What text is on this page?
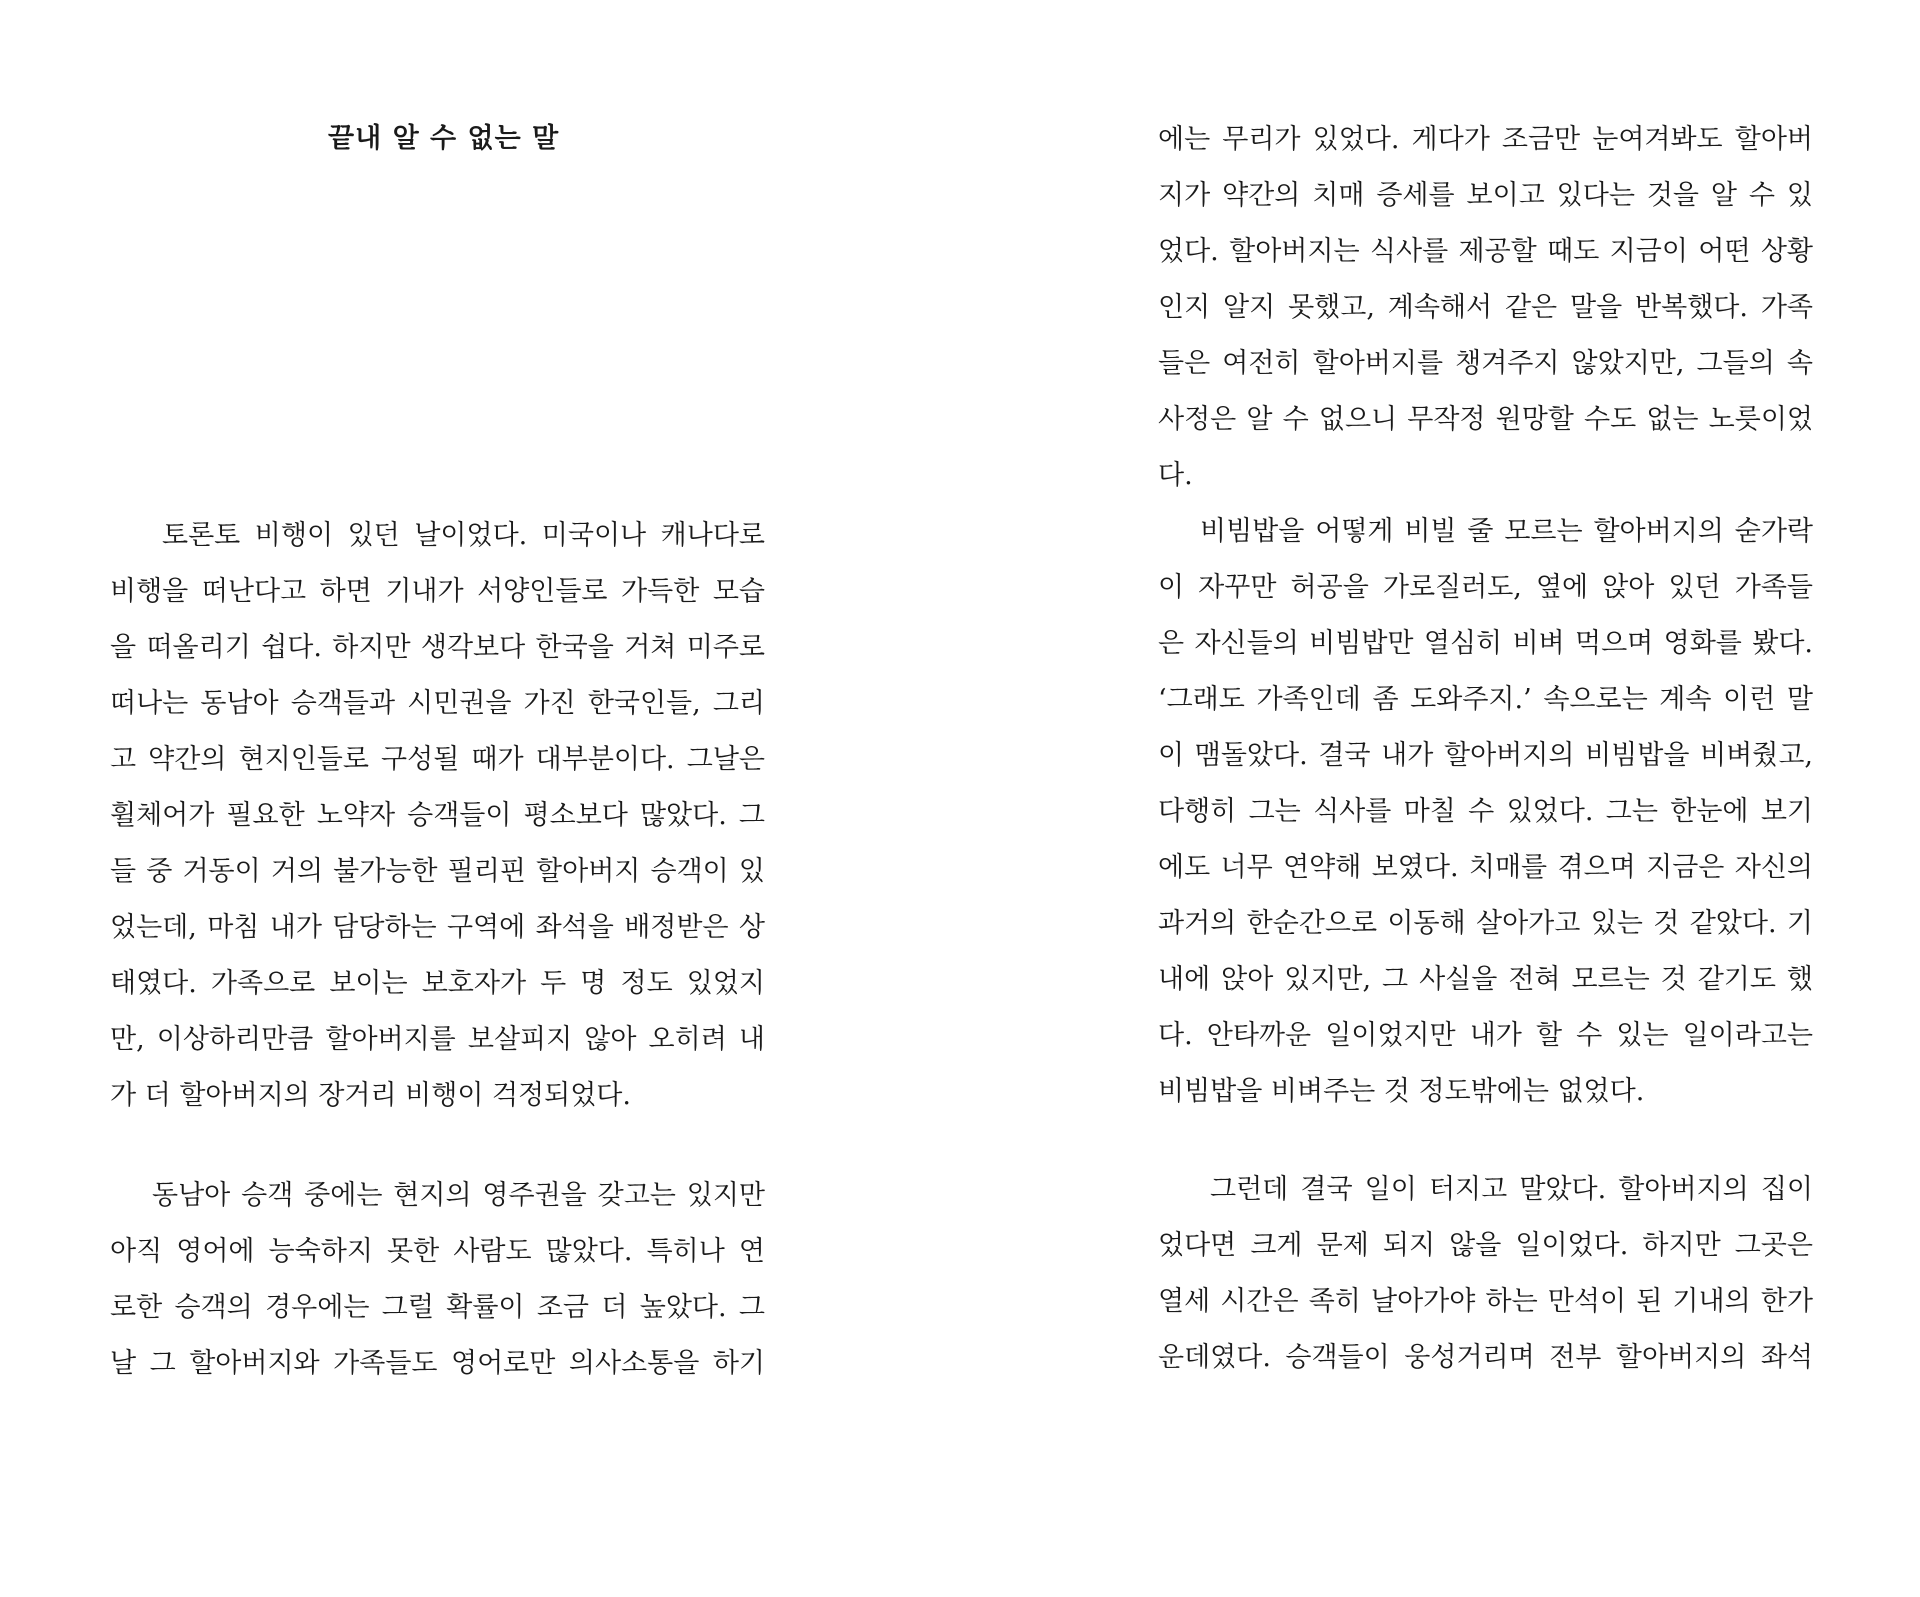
끝내 알 수 없는 말

토론토 비행이 있던 날이었다. 미국이나 캐나다로

비행을 떠난다고 하면 기내가 서양인들로 가득한 모습

을 떠올리기 쉽다. 하지만 생각보다 한국을 거쳐 미주로

떠나는 동남아 승객들과 시민권을 가진 한국인들, 그리

고 약간의 현지인들로 구성될 때가 대부분이다. 그날은

휠체어가 필요한 노약자 승객들이 평소보다 많았다. 그

들 중 거동이 거의 불가능한 필리핀 할아버지 승객이 있

었는데, 마침 내가 담당하는 구역에 좌석을 배정받은 상

태였다. 가족으로 보이는 보호자가 두 명 정도 있었지

만, 이상하리만큼 할아버지를 보살피지 않아 오히려 내

가 더 할아버지의 장거리 비행이 걱정되었다.

동남아 승객 중에는 현지의 영주권을 갖고는 있지만

아직 영어에 능숙하지 못한 사람도 많았다. 특히나 연

로한 승객의 경우에는 그럴 확률이 조금 더 높았다. 그

날 그 할아버지와 가족들도 영어로만 의사소통을 하기

에는 무리가 있었다. 게다가 조금만 눈여겨봐도 할아버

지가 약간의 치매 증세를 보이고 있다는 것을 알 수 있

었다. 할아버지는 식사를 제공할 때도 지금이 어떤 상황

인지 알지 못했고, 계속해서 같은 말을 반복했다. 가족

들은 여전히 할아버지를 챙겨주지 않았지만, 그들의 속

사정은 알 수 없으니 무작정 원망할 수도 없는 노릇이었

다.

비빔밥을 어떻게 비빌 줄 모르는 할아버지의 숟가락

이 자꾸만 허공을 가로질러도, 옆에 앉아 있던 가족들

은 자신들의 비빔밥만 열심히 비벼 먹으며 영화를 봤다.

‘그래도 가족인데 좀 도와주지.’ 속으로는 계속 이런 말

이 맴돌았다. 결국 내가 할아버지의 비빔밥을 비벼줬고,

다행히 그는 식사를 마칠 수 있었다. 그는 한눈에 보기

에도 너무 연약해 보였다. 치매를 겪으며 지금은 자신의

과거의 한순간으로 이동해 살아가고 있는 것 같았다. 기

내에 앉아 있지만, 그 사실을 전혀 모르는 것 같기도 했

다. 안타까운 일이었지만 내가 할 수 있는 일이라고는

비빔밥을 비벼주는 것 정도밖에는 없었다.

그런데 결국 일이 터지고 말았다. 할아버지의 집이

었다면 크게 문제 되지 않을 일이었다. 하지만 그곳은

열세 시간은 족히 날아가야 하는 만석이 된 기내의 한가

운데였다. 승객들이 웅성거리며 전부 할아버지의 좌석
